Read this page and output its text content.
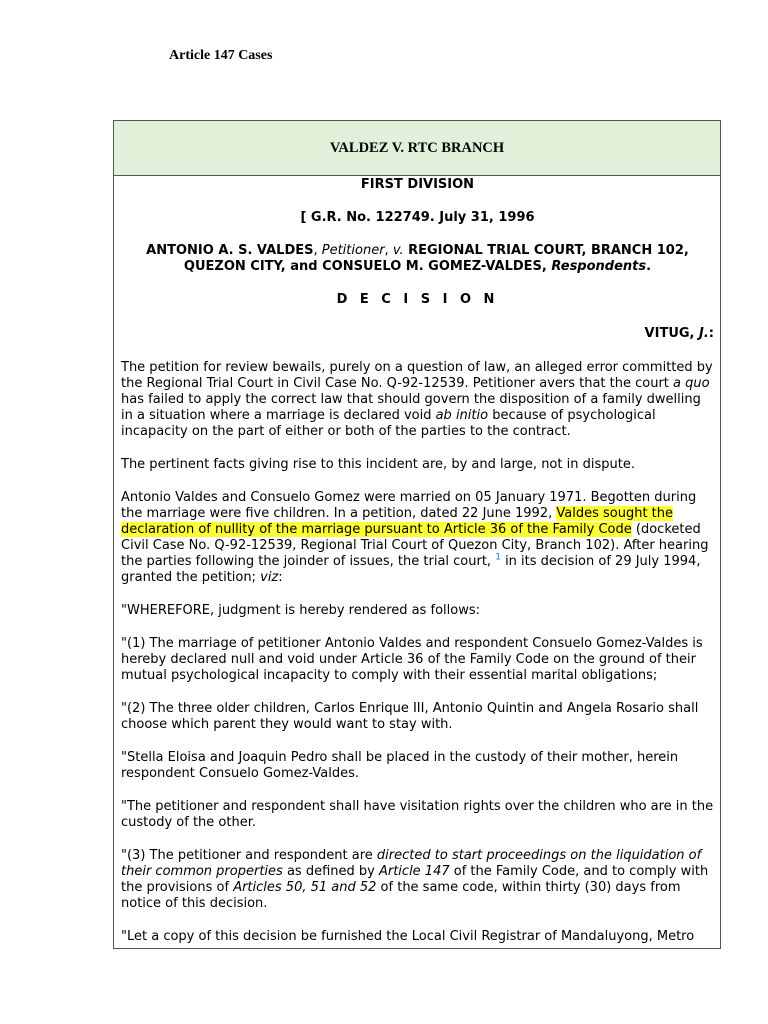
Article 147 Cases
VALDEZ V. RTC BRANCH
FIRST DIVISION
[ G.R. No. 122749. July 31, 1996
ANTONIO A. S. VALDES, Petitioner, v. REGIONAL TRIAL COURT, BRANCH 102, QUEZON CITY, and CONSUELO M. GOMEZ-VALDES, Respondents.
D E C I S I O N
VITUG, J.:

The petition for review bewails, purely on a question of law, an alleged error committed by the Regional Trial Court in Civil Case No. Q-92-12539. Petitioner avers that the court a quo has failed to apply the correct law that should govern the disposition of a family dwelling in a situation where a marriage is declared void ab initio because of psychological incapacity on the part of either or both of the parties to the contract.

The pertinent facts giving rise to this incident are, by and large, not in dispute.

Antonio Valdes and Consuelo Gomez were married on 05 January 1971. Begotten during the marriage were five children. In a petition, dated 22 June 1992, Valdes sought the declaration of nullity of the marriage pursuant to Article 36 of the Family Code (docketed Civil Case No. Q-92-12539, Regional Trial Court of Quezon City, Branch 102). After hearing the parties following the joinder of issues, the trial court, $^1$ in its decision of 29 July 1994, granted the petition; viz:

"WHEREFORE, judgment is hereby rendered as follows:

"(1) The marriage of petitioner Antonio Valdes and respondent Consuelo Gomez-Valdes is hereby declared null and void under Article 36 of the Family Code on the ground of their mutual psychological incapacity to comply with their essential marital obligations;

"(2) The three older children, Carlos Enrique III, Antonio Quintin and Angela Rosario shall choose which parent they would want to stay with.

"Stella Eloisa and Joaquin Pedro shall be placed in the custody of their mother, herein respondent Consuelo Gomez-Valdes.

"The petitioner and respondent shall have visitation rights over the children who are in the custody of the other.

"(3) The petitioner and respondent are directed to start proceedings on the liquidation of their common properties as defined by Article 147 of the Family Code, and to comply with the provisions of Articles 50, 51 and 52 of the same code, within thirty (30) days from notice of this decision.

"Let a copy of this decision be furnished the Local Civil Registrar of Mandaluyong, Metro
